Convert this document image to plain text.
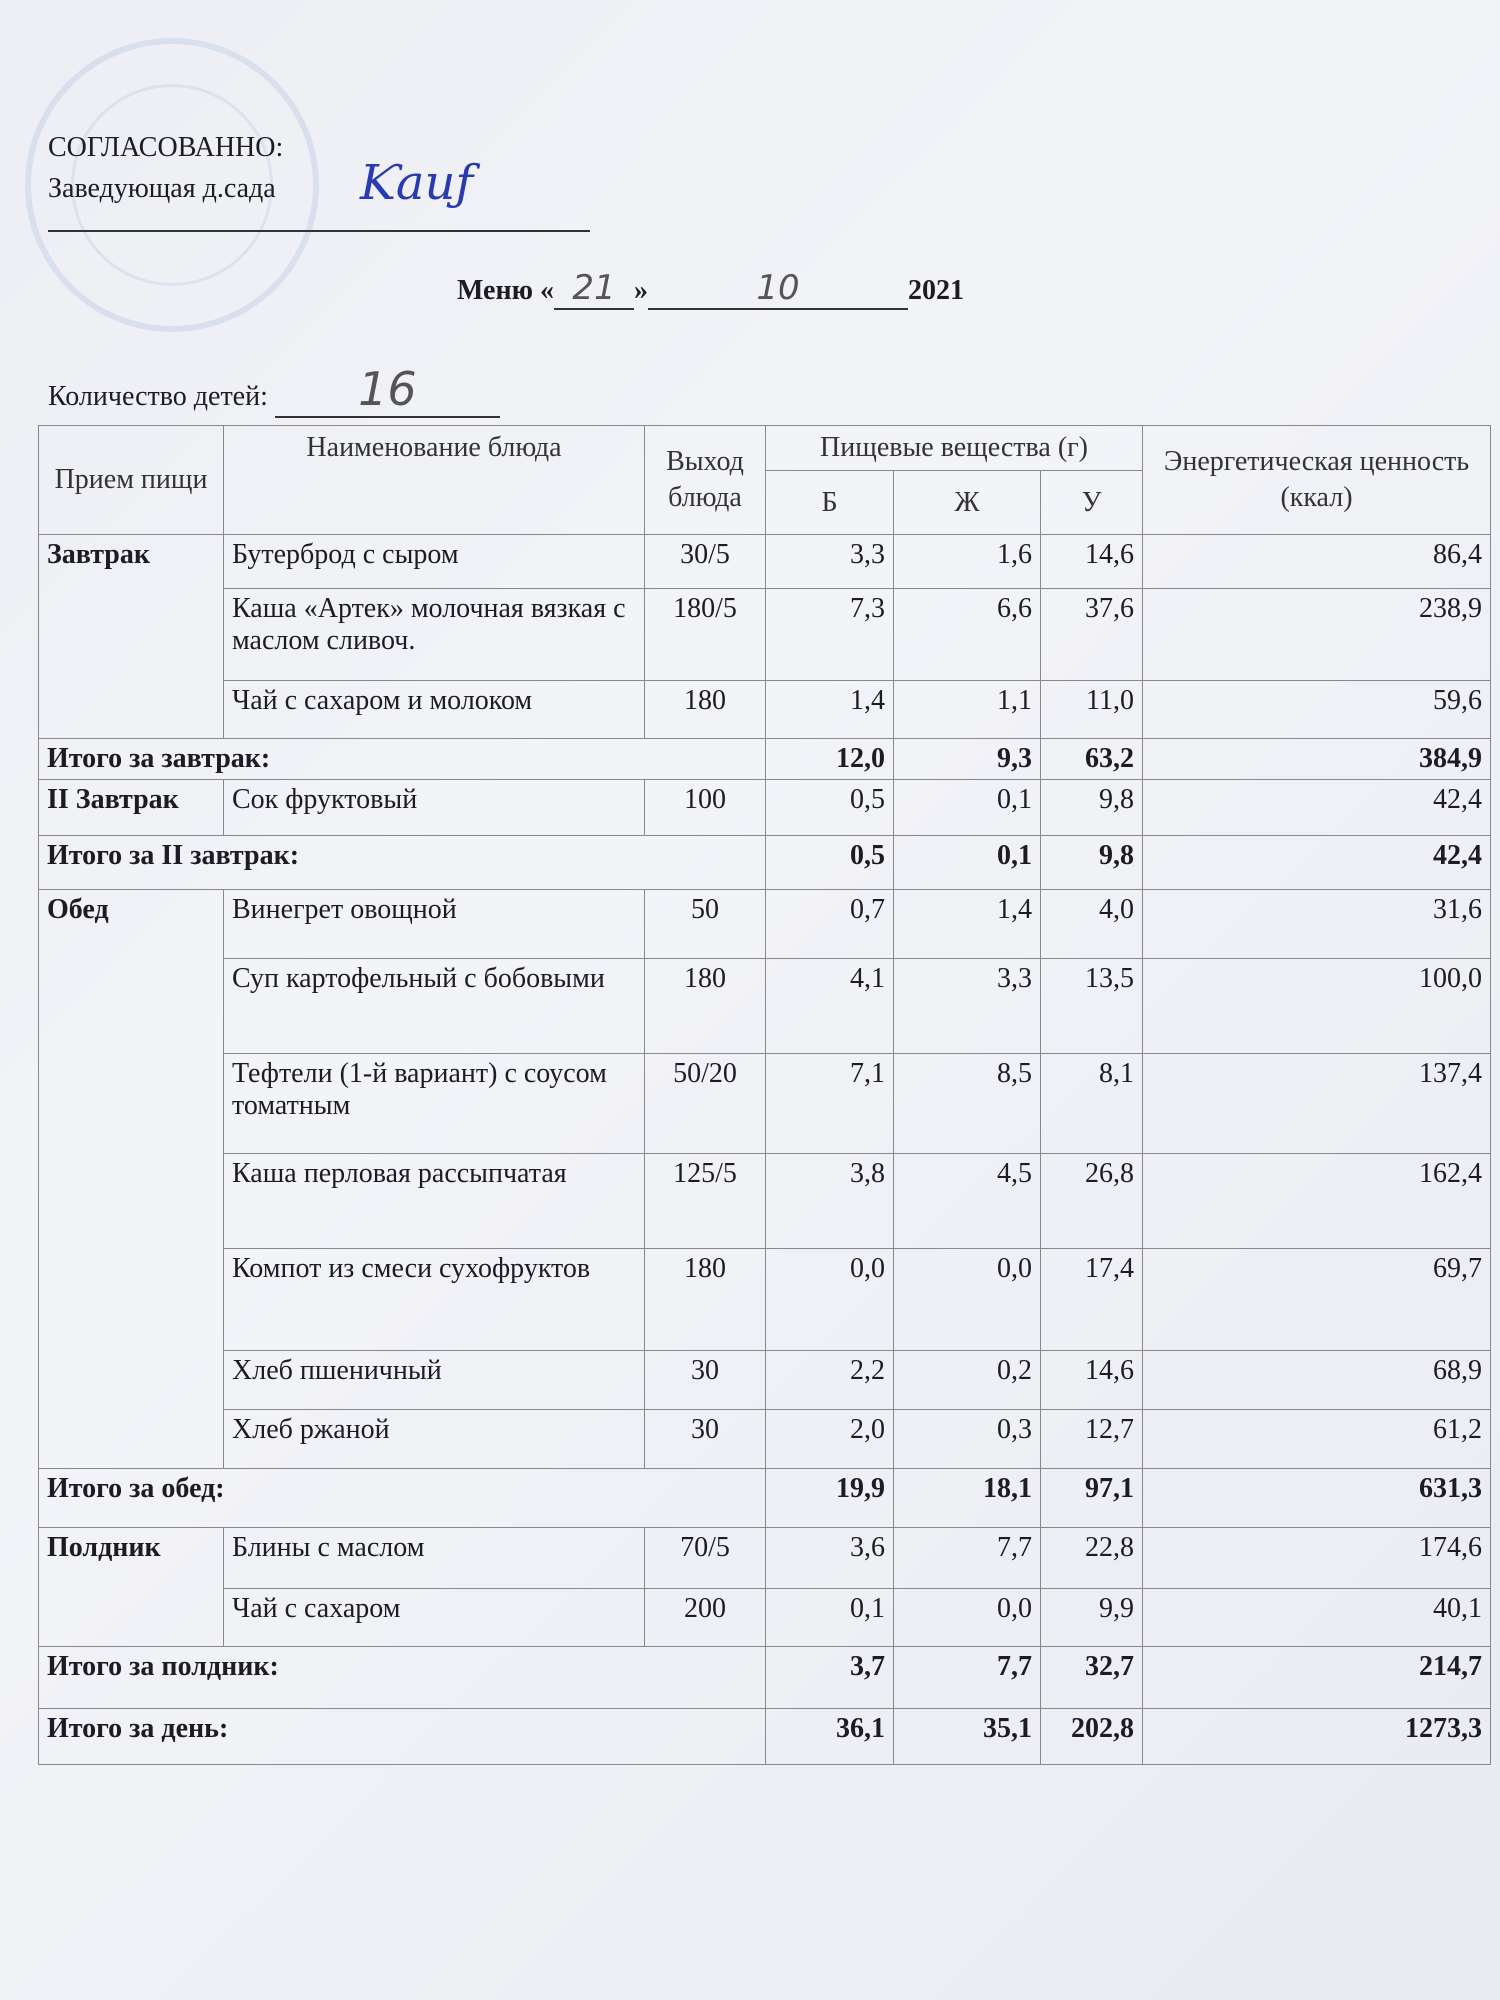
СОГЛАСОВАННО:
Заведующая д.сада Ƙauƒ
Меню « 21 »	10	2021
Количество детей: 16
Прием пищи	Наименование блюда	Выход блюда	Пищевые вещества (г)			Энергетическая ценность (ккал)
			Б	Ж	У	
Завтрак	Бутерброд с сыром	30/5	3,3	1,6	14,6	86,4
	Каша «Артек» молочная вязкая с маслом сливоч.	180/5	7,3	6,6	37,6	238,9
	Чай с сахаром и молоком	180	1,4	1,1	11,0	59,6
Итого за завтрак:			12,0	9,3	63,2	384,9
II Завтрак	Сок фруктовый	100	0,5	0,1	9,8	42,4
Итого за II завтрак:			0,5	0,1	9,8	42,4
Обед	Винегрет овощной	50	0,7	1,4	4,0	31,6
	Суп картофельный с бобовыми	180	4,1	3,3	13,5	100,0
	Тефтели (1-й вариант) с соусом томатным	50/20	7,1	8,5	8,1	137,4
	Каша перловая рассыпчатая	125/5	3,8	4,5	26,8	162,4
	Компот из смеси сухофруктов	180	0,0	0,0	17,4	69,7
	Хлеб пшеничный	30	2,2	0,2	14,6	68,9
	Хлеб ржаной	30	2,0	0,3	12,7	61,2
Итого за обед:			19,9	18,1	97,1	631,3
Полдник	Блины с маслом	70/5	3,6	7,7	22,8	174,6
	Чай с сахаром	200	0,1	0,0	9,9	40,1
Итого за полдник:			3,7	7,7	32,7	214,7
Итого за день:			36,1	35,1	202,8	1273,3
